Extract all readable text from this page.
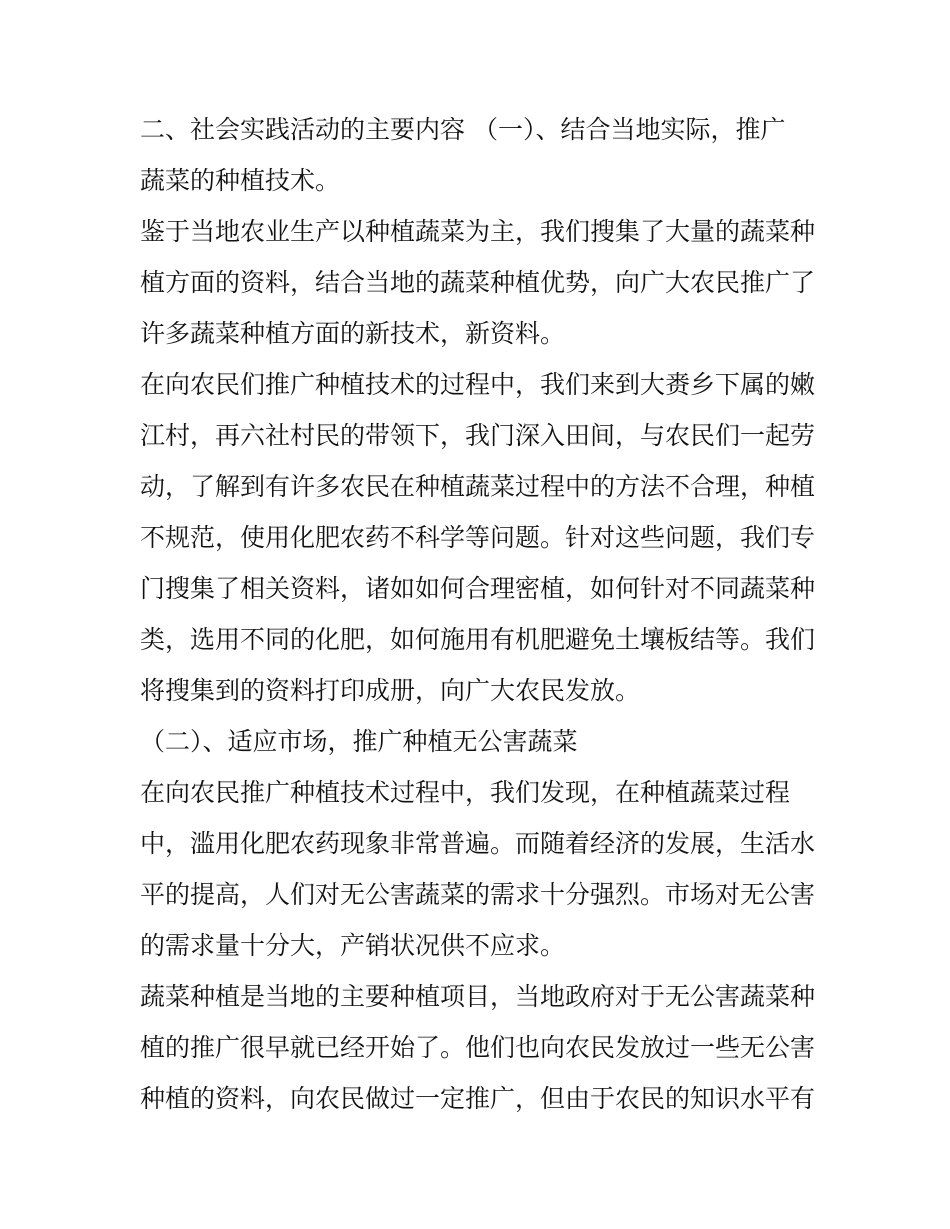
二、社会实践活动的主要内容 （一）、结合当地实际，推广

蔬菜的种植技术。

鉴于当地农业生产以种植蔬菜为主，我们搜集了大量的蔬菜种

植方面的资料，结合当地的蔬菜种植优势，向广大农民推广了

许多蔬菜种植方面的新技术，新资料。

在向农民们推广种植技术的过程中，我们来到大赉乡下属的嫩

江村，再六社村民的带领下，我门深入田间，与农民们一起劳

动，了解到有许多农民在种植蔬菜过程中的方法不合理，种植

不规范，使用化肥农药不科学等问题。针对这些问题，我们专

门搜集了相关资料，诸如如何合理密植，如何针对不同蔬菜种

类，选用不同的化肥，如何施用有机肥避免土壤板结等。我们

将搜集到的资料打印成册，向广大农民发放。

（二）、适应市场，推广种植无公害蔬菜

在向农民推广种植技术过程中，我们发现，在种植蔬菜过程

中，滥用化肥农药现象非常普遍。而随着经济的发展，生活水

平的提高，人们对无公害蔬菜的需求十分强烈。市场对无公害

的需求量十分大，产销状况供不应求。

蔬菜种植是当地的主要种植项目，当地政府对于无公害蔬菜种

植的推广很早就已经开始了。他们也向农民发放过一些无公害

种植的资料，向农民做过一定推广，但由于农民的知识水平有
